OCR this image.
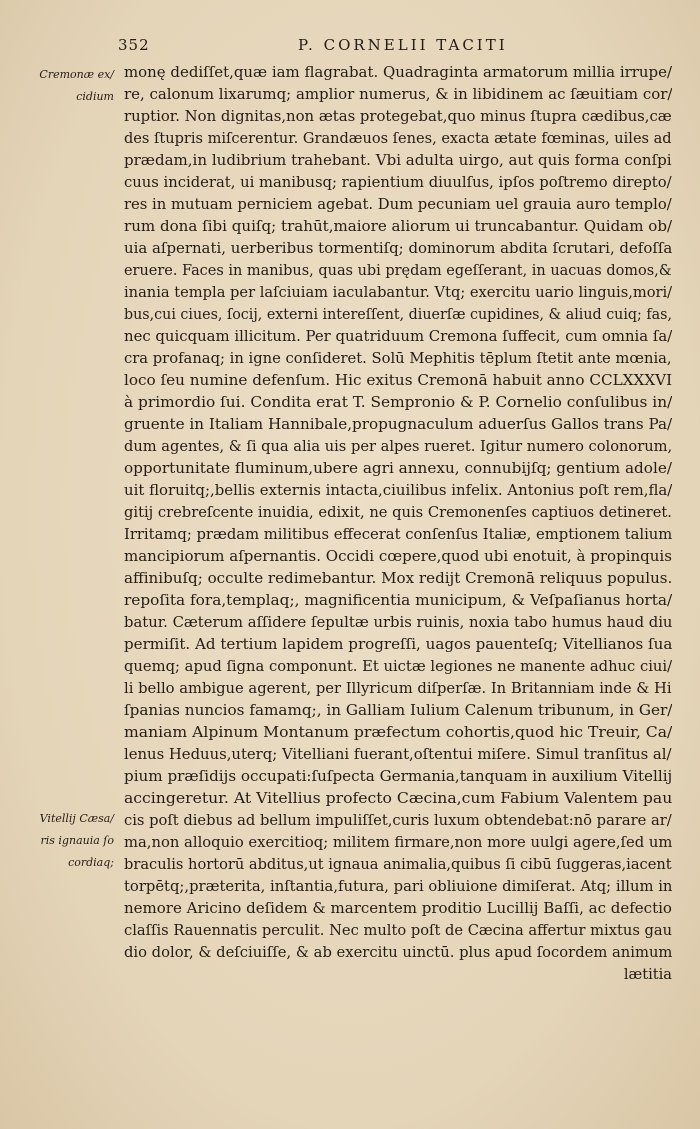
352	P. CORNELII TACITI
Cremonæ ex/
cidium
Vitellij Cæsa/
ris ignauia ſo
cordiaq;
monę dediſſet,quæ iam flagrabat. Quadraginta armatorum millia irrupe/
re, calonum lixarumq; amplior numerus, & in libidinem ac ſæuitiam cor/
ruptior. Non dignitas,non ætas protegebat,quo minus ſtupra cædibus,cæ
des ſtupris miſcerentur. Grandæuos ſenes, exacta ætate fœminas, uiles ad
prædam,in ludibrium trahebant. Vbi adulta uirgo, aut quis forma conſpi
cuus inciderat, ui manibusq; rapientium diuulſus, ipſos poſtremo direpto/
res in mutuam perniciem agebat. Dum pecuniam uel grauia auro templo/
rum dona ſibi quiſq; trahūt,maiore aliorum ui truncabantur. Quidam ob/
uia aſpernati, uerberibus tormentiſq; dominorum abdita ſcrutari, defoſſa
eruere. Faces in manibus, quas ubi prędam egeſſerant, in uacuas domos,&
inania templa per laſciuiam iaculabantur. Vtq; exercitu uario linguis,mori/
bus,cui ciues, ſocij, externi intereſſent, diuerſæ cupidines, & aliud cuiq; fas,
nec quicquam illicitum. Per quatriduum Cremona ſuffecit, cum omnia ſa/
cra profanaq; in igne conſideret. Solū Mephitis tēplum ſtetit ante mœnia,
loco ſeu numine defenſum. Hic exitus Cremonā habuit anno CCLXXXVI
à primordio ſui. Condita erat T. Sempronio & P. Cornelio conſulibus in/
gruente in Italiam Hannibale,propugnaculum aduerſus Gallos trans Pa/
dum agentes, & ſi qua alia uis per alpes rueret. Igitur numero colonorum,
opportunitate fluminum,ubere agri annexu, connubijſq; gentium adole/
uit floruitq;,bellis externis intacta,ciuilibus infelix. Antonius poſt rem,fla/
gitij crebreſcente inuidia, edixit, ne quis Cremonenſes captiuos detineret.
Irritamq; prædam militibus effecerat conſenſus Italiæ, emptionem talium
mancipiorum aſpernantis. Occidi cœpere,quod ubi enotuit, à propinquis
affinibuſq; occulte redimebantur. Mox redijt Cremonā reliquus populus.
repoſita fora,templaq;, magnificentia municipum, & Veſpaſianus horta/
batur. Cæterum aſſidere ſepultæ urbis ruinis, noxia tabo humus haud diu
permiſit. Ad tertium lapidem progreſſi, uagos pauenteſq; Vitellianos ſua
quemq; apud ſigna componunt. Et uictæ legiones ne manente adhuc ciui/
li bello ambigue agerent, per Illyricum diſperſæ. In Britanniam inde & Hi
ſpanias nuncios famamq;, in Galliam Iulium Calenum tribunum, in Ger/
maniam Alpinum Montanum præfectum cohortis,quod hic Treuir, Ca/
lenus Heduus,uterq; Vitelliani fuerant,oſtentui miſere. Simul tranſitus al/
pium præſidijs occupati:ſuſpecta Germania,tanquam in auxilium Vitellij
accingeretur. At Vitellius profecto Cæcina,cum Fabium Valentem pau
cis poſt diebus ad bellum impuliſſet,curis luxum obtendebat:nō parare ar/
ma,non alloquio exercitioq; militem firmare,non more uulgi agere,ſed um
braculis hortorū abditus,ut ignaua animalia,quibus ſi cibū ſuggeras,iacent
torpētq;,præterita, inſtantia,futura, pari obliuione dimiſerat. Atq; illum in
nemore Aricino deſidem & marcentem proditio Lucillij Baſſi, ac defectio
claſſis Rauennatis perculit. Nec multo poſt de Cæcina affertur mixtus gau
dio dolor, & deſciuiſſe, & ab exercitu uinctū. plus apud ſocordem animum
lætitia
